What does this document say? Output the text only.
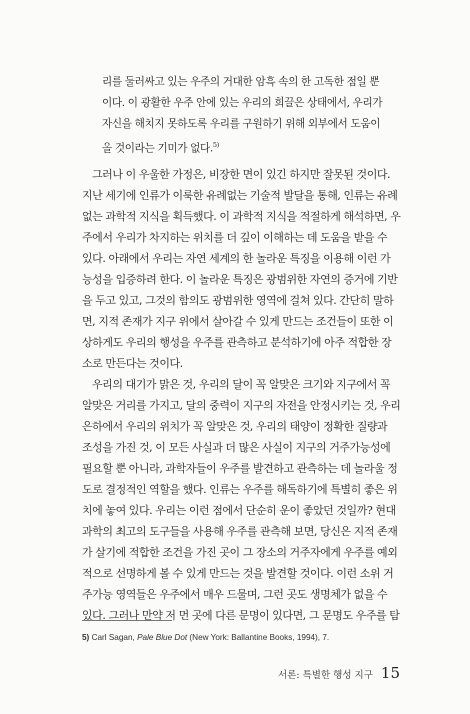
리를 둘러싸고 있는 우주의 거대한 암흑 속의 한 고독한 점일 뿐
이다. 이 광활한 우주 안에 있는 우리의 희끌은 상태에서, 우리가
자신을 해치지 못하도록 우리를 구원하기 위해 외부에서 도움이
올 것이라는 기미가 없다.$^{5)}$
그러나 이 우울한 가정은, 비장한 면이 있긴 하지만 잘못된 것이다.
지난 세기에 인류가 이룩한 유례없는 기술적 발달을 통해, 인류는 유례
없는 과학적 지식을 획득했다. 이 과학적 지식을 적절하게 해석하면, 우
주에서 우리가 차지하는 위치를 더 깊이 이해하는 데 도움을 받을 수
있다. 아래에서 우리는 자연 세계의 한 놀라운 특징을 이용해 이런 가
능성을 입증하려 한다. 이 놀라운 특징은 광범위한 자연의 증거에 기반
을 두고 있고, 그것의 함의도 광범위한 영역에 걸쳐 있다. 간단히 말하
면, 지적 존재가 지구 위에서 살아갈 수 있게 만드는 조건들이 또한 이
상하게도 우리의 행성을 우주를 관측하고 분석하기에 아주 적합한 장
소로 만든다는 것이다.
우리의 대기가 맑은 것, 우리의 달이 꼭 알맞은 크기와 지구에서 꼭
알맞은 거리를 가지고, 달의 중력이 지구의 자전을 안정시키는 것, 우리
은하에서 우리의 위치가 꼭 알맞은 것, 우리의 태양이 정확한 질량과
조성을 가진 것, 이 모든 사실과 더 많은 사실이 지구의 거주가능성에
필요할 뿐 아니라, 과학자들이 우주를 발견하고 관측하는 데 놀라울 정
도로 결정적인 역할을 했다. 인류는 우주를 해독하기에 특별히 좋은 위
치에 놓여 있다. 우리는 이런 점에서 단순히 운이 좋았던 것일까? 현대
과학의 최고의 도구들을 사용해 우주를 관측해 보면, 당신은 지적 존재
가 살기에 적합한 조건을 가진 곳이 그 장소의 거주자에게 우주를 예외
적으로 선명하게 볼 수 있게 만드는 것을 발견할 것이다. 이런 소위 거
주가능 영역들은 우주에서 매우 드물며, 그런 곳도 생명체가 없을 수
있다. 그러나 만약 저 먼 곳에 다른 문명이 있다면, 그 문명도 우주를 탐
5) Carl Sagan, Pale Blue Dot (New York: Ballantine Books, 1994), 7.
서론: 특별한 행성 지구 15
